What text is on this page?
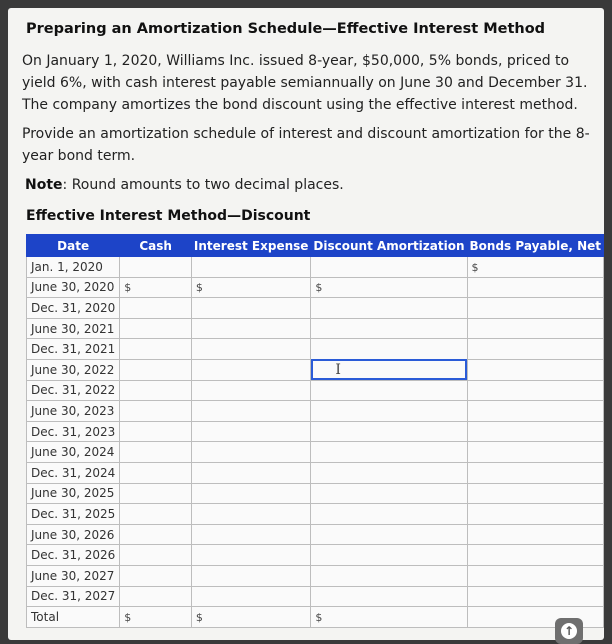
Preparing an Amortization Schedule—Effective Interest Method
On January 1, 2020, Williams Inc. issued 8-year, $50,000, 5% bonds, priced to yield 6%, with cash interest payable semiannually on June 30 and December 31. The company amortizes the bond discount using the effective interest method.
Provide an amortization schedule of interest and discount amortization for the 8-year bond term.
Note: Round amounts to two decimal places.
Effective Interest Method—Discount
Date	Cash	Interest Expense	Discount Amortization	Bonds Payable, Net
Jan. 1, 2020				$
June 30, 2020	$	$	$	
Dec. 31, 2020				
June 30, 2021				
Dec. 31, 2021				
June 30, 2022			I	
Dec. 31, 2022				
June 30, 2023				
Dec. 31, 2023				
June 30, 2024				
Dec. 31, 2024				
June 30, 2025				
Dec. 31, 2025				
June 30, 2026				
Dec. 31, 2026				
June 30, 2027				
Dec. 31, 2027				
Total	$	$	$	
↑
